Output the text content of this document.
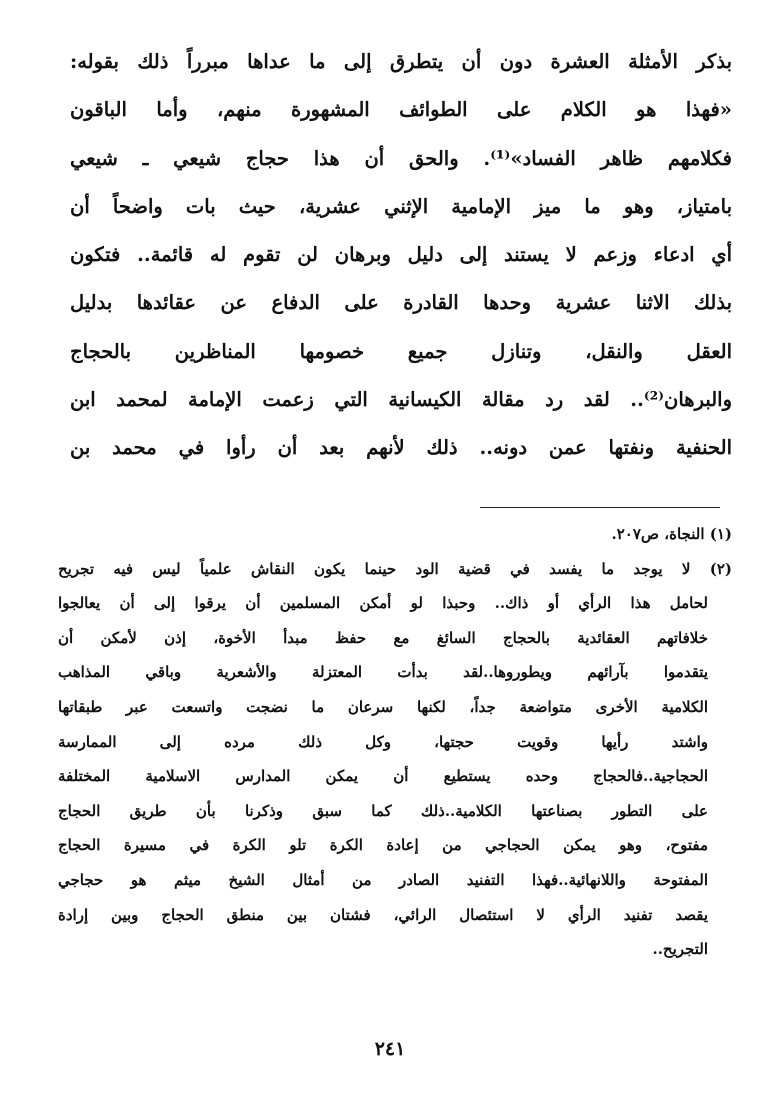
بذكر الأمثلة العشرة دون أن يتطرق إلى ما عداها مبرراً ذلك بقوله:
«فهذا هو الكلام على الطوائف المشهورة منهم، وأما الباقون
فكلامهم ظاهر الفساد»⁽¹⁾. والحق أن هذا حجاج شيعي ـ شيعي
بامتياز، وهو ما ميز الإمامية الإثني عشرية، حيث بات واضحاً أن
أي ادعاء وزعم لا يستند إلى دليل وبرهان لن تقوم له قائمة.. فتكون
بذلك الاثنا عشرية وحدها القادرة على الدفاع عن عقائدها بدليل
العقل والنقل، وتنازل جميع خصومها المناظرين بالحجاج
والبرهان⁽²⁾.. لقد رد مقالة الكيسانية التي زعمت الإمامة لمحمد ابن
الحنفية ونفتها عمن دونه.. ذلك لأنهم بعد أن رأوا في محمد بن
(١) النجاة، ص٢٠٧.
(٢) لا يوجد ما يفسد في قضية الود حينما يكون النقاش علمياً ليس فيه تجريح
لحامل هذا الرأي أو ذاك.. وحبذا لو أمكن المسلمين أن يرقوا إلى أن يعالجوا
خلافاتهم العقائدية بالحجاج السائغ مع حفظ مبدأ الأخوة، إذن لأمكن أن
يتقدموا بآرائهم ويطوروها..لقد بدأت المعتزلة والأشعرية وباقي المذاهب
الكلامية الأخرى متواضعة جداً، لكنها سرعان ما نضجت واتسعت عبر طبقاتها
واشتد رأيها وقويت حجتها، وكل ذلك مرده إلى الممارسة
الحجاجية..فالحجاج وحده يستطيع أن يمكن المدارس الاسلامية المختلفة
على التطور بصناعتها الكلامية..ذلك كما سبق وذكرنا بأن طريق الحجاج
مفتوح، وهو يمكن الحجاجي من إعادة الكرة تلو الكرة في مسيرة الحجاج
المفتوحة واللانهائية..فهذا التفنيد الصادر من أمثال الشيخ ميثم هو حجاجي
يقصد تفنيد الرأي لا استئصال الرائي، فشتان بين منطق الحجاج وبين إرادة
التجريح..
٢٤١
